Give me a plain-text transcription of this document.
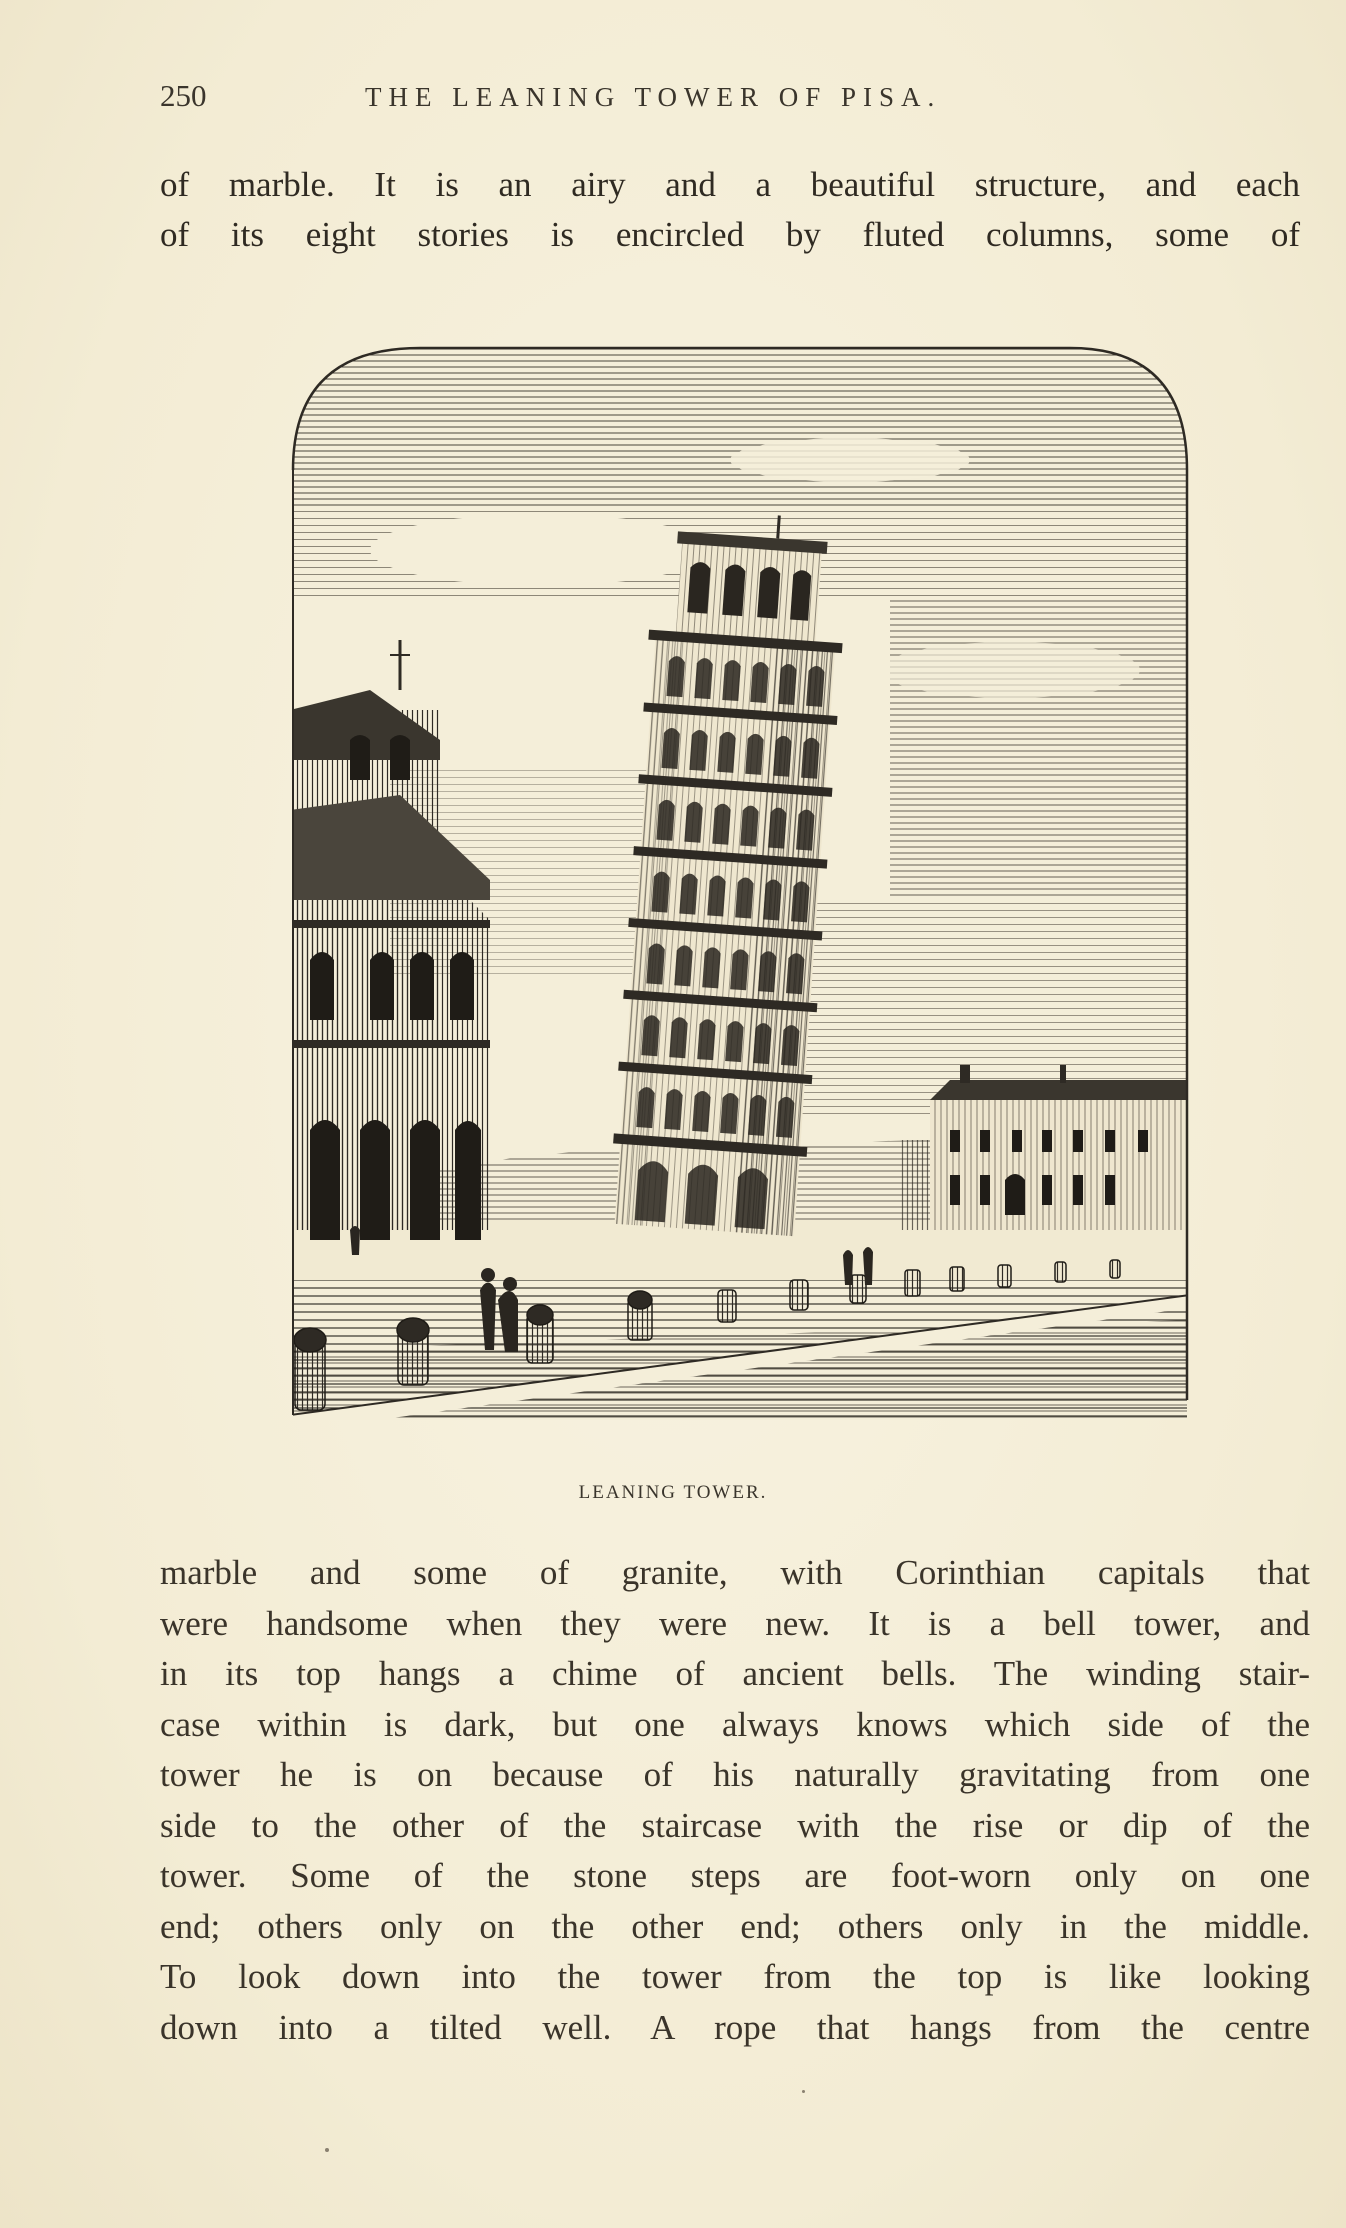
250	THE LEANING TOWER OF PISA.
of marble. It is an airy and a beautiful structure, and each
of its eight stories is encircled by fluted columns, some of
LEANING TOWER.
marble and some of granite, with Corinthian capitals that
were handsome when they were new. It is a bell tower, and
in its top hangs a chime of ancient bells. The winding stair-
case within is dark, but one always knows which side of the
tower he is on because of his naturally gravitating from one
side to the other of the staircase with the rise or dip of the
tower. Some of the stone steps are foot-worn only on one
end; others only on the other end; others only in the middle.
To look down into the tower from the top is like looking
down into a tilted well. A rope that hangs from the centre
